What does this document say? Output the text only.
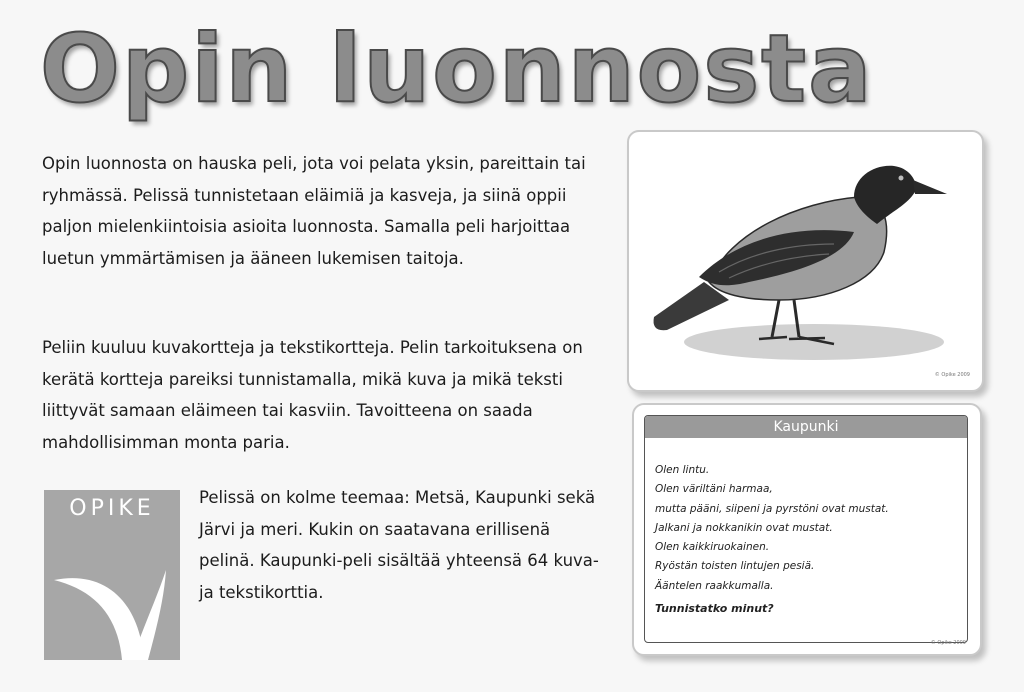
Opin luonnosta

Opin luonnosta on hauska peli, jota voi pelata yksin, pareittain tai ryhmässä. Pelissä tunnistetaan eläimiä ja kasveja, ja siinä oppii paljon mielenkiintoisia asioita luonnosta. Samalla peli harjoittaa luetun ymmärtämisen ja ääneen lukemisen taitoja.

Peliin kuuluu kuvakortteja ja tekstikortteja. Pelin tarkoituksena on kerätä kortteja pareiksi tunnistamalla, mikä kuva ja mikä teksti liittyvät samaan eläimeen tai kasviin. Tavoitteena on saada mahdollisimman monta paria.

OPIKE	Pelissä on kolme teemaa: Metsä, Kaupunki sekä Järvi ja meri. Kukin on saatavana erillisenä pelinä. Kaupunki-peli sisältää yhteensä 64 kuva- ja tekstikorttia.

© Opike 2009
Kaupunki
Olen lintu.
Olen väriltäni harmaa,
mutta pääni, siipeni ja pyrstöni ovat mustat.
Jalkani ja nokkanikin ovat mustat.
Olen kaikkiruokainen.
Ryöstän toisten lintujen pesiä.
Ääntelen raakkumalla.
Tunnistatko minut?
© Opike 2009
